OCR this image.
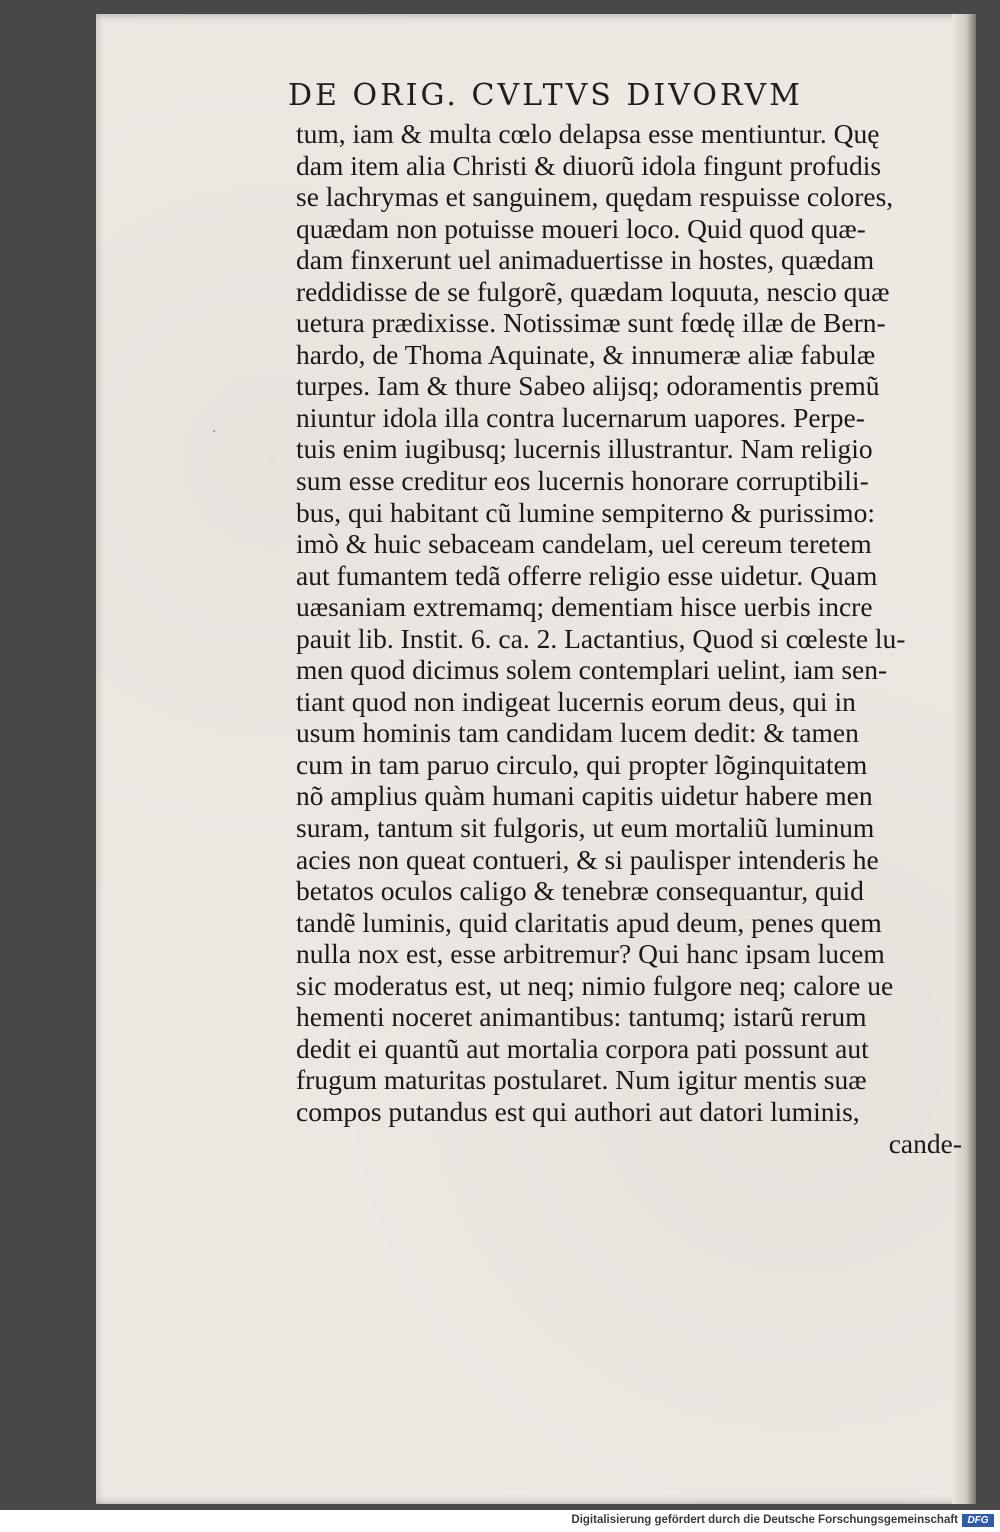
DE ORIG. CVLTVS DIVORVM
·
tum, iam & multa cœlo delapsa esse mentiuntur. Quę
dam item alia Christi & diuorũ idola fingunt profudis
se lachrymas et sanguinem, quędam respuisse colores,
quædam non potuisse moueri loco. Quid quod quæ-
dam finxerunt uel animaduertisse in hostes, quædam
reddidisse de se fulgorẽ, quædam loquuta, nescio quæ
uetura prædixisse. Notissimæ sunt fœdę illæ de Bern-
hardo, de Thoma Aquinate, & innumeræ aliæ fabulæ
turpes. Iam & thure Sabeo alijsq; odoramentis premũ
niuntur idola illa contra lucernarum uapores. Perpe-
tuis enim iugibusq; lucernis illustrantur. Nam religio
sum esse creditur eos lucernis honorare corruptibili-
bus, qui habitant cũ lumine sempiterno & purissimo:
imò & huic sebaceam candelam, uel cereum teretem
aut fumantem tedã offerre religio esse uidetur. Quam
uæsaniam extremamq; dementiam hisce uerbis incre
pauit lib. Instit. 6. ca. 2. Lactantius, Quod si cœleste lu-
men quod dicimus solem contemplari uelint, iam sen-
tiant quod non indigeat lucernis eorum deus, qui in
usum hominis tam candidam lucem dedit: & tamen
cum in tam paruo circulo, qui propter lõginquitatem
nõ amplius quàm humani capitis uidetur habere men
suram, tantum sit fulgoris, ut eum mortaliũ luminum
acies non queat contueri, & si paulisper intenderis he
betatos oculos caligo & tenebræ consequantur, quid
tandẽ luminis, quid claritatis apud deum, penes quem
nulla nox est, esse arbitremur? Qui hanc ipsam lucem
sic moderatus est, ut neq; nimio fulgore neq; calore ue
hementi noceret animantibus: tantumq; istarũ rerum
dedit ei quantũ aut mortalia corpora pati possunt aut
frugum maturitas postularet. Num igitur mentis suæ
compos putandus est qui authori aut datori luminis,
cande-
Digitalisierung gefördert durch die Deutsche Forschungsgemeinschaft DFG
